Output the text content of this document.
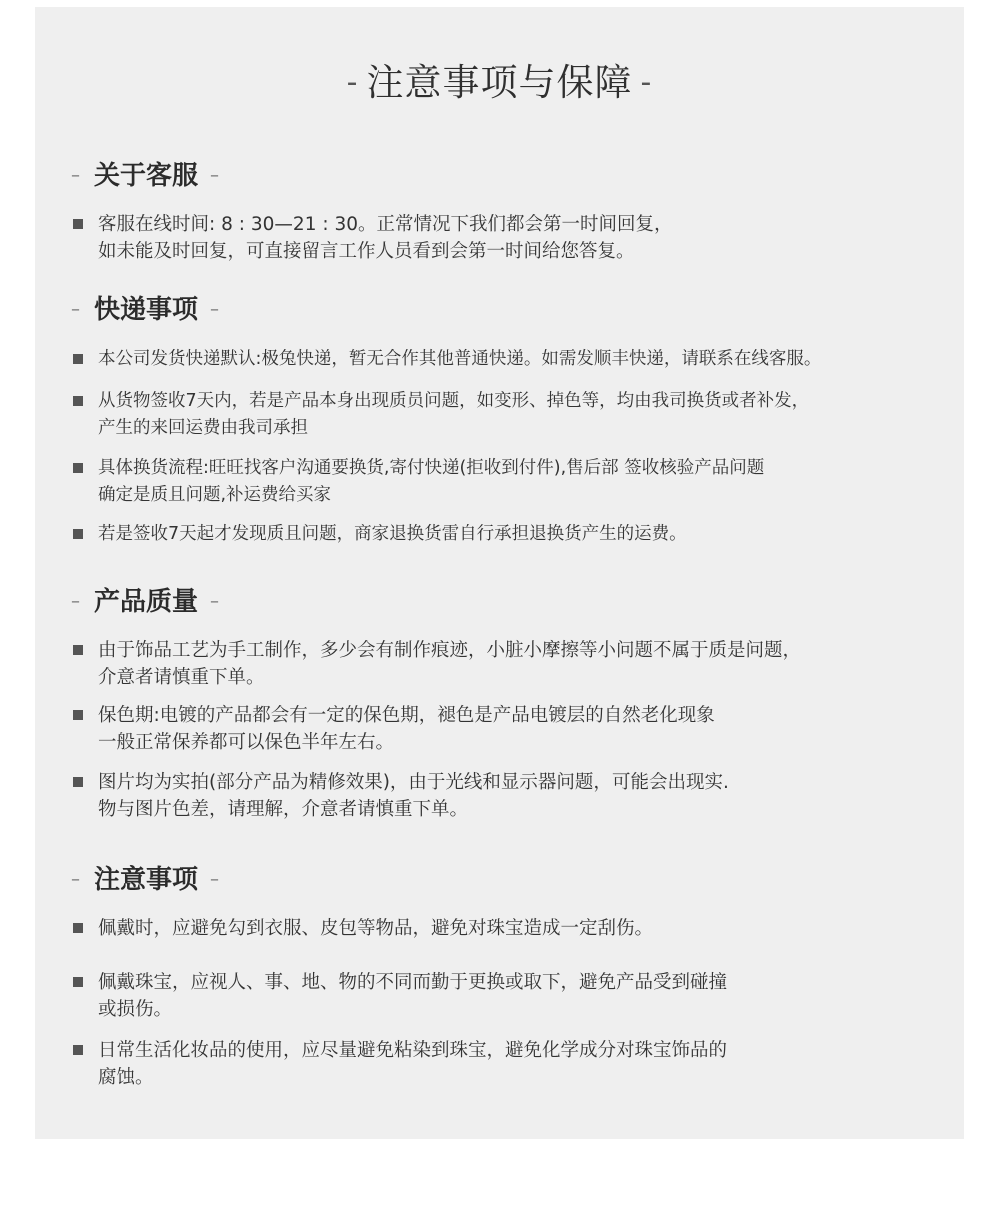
- 注意事项与保障 -
– 关于客服 –
客服在线时间: 8 : 30—21 : 30。正常情况下我们都会第一时间回复，
如未能及时回复，可直接留言工作人员看到会第一时间给您答复。
– 快递事项 –
本公司发货快递默认:极兔快递，暂无合作其他普通快递。如需发顺丰快递，请联系在线客服。
从货物签收7天内，若是产品本身出现质员问题，如变形、掉色等，均由我司换货或者补发，
产生的来回运费由我司承担
具体换货流程:旺旺找客户沟通要换货,寄付快递(拒收到付件),售后部 签收核验产品问题
确定是质且问题,补运费给买家
若是签收7天起才发现质且问题，商家退换货雷自行承担退换货产生的运费。
– 产品质量 –
由于饰品工艺为手工制作，多少会有制作痕迹，小脏小摩擦等小问题不属于质是问题，
介意者请慎重下单。
保色期:电镀的产品都会有一定的保色期，褪色是产品电镀层的自然老化现象
一般正常保养都可以保色半年左右。
图片均为实拍(部分产品为精修效果)，由于光线和显示器问题，可能会出现实.
物与图片色差，请理解，介意者请慎重下单。
– 注意事项 –
佩戴时，应避免勾到衣服、皮包等物品，避免对珠宝造成一定刮伤。
佩戴珠宝，应视人、事、地、物的不同而勤于更换或取下，避免产品受到碰撞
或损伤。
日常生活化妆品的使用，应尽量避免粘染到珠宝，避免化学成分对珠宝饰品的
腐蚀。
